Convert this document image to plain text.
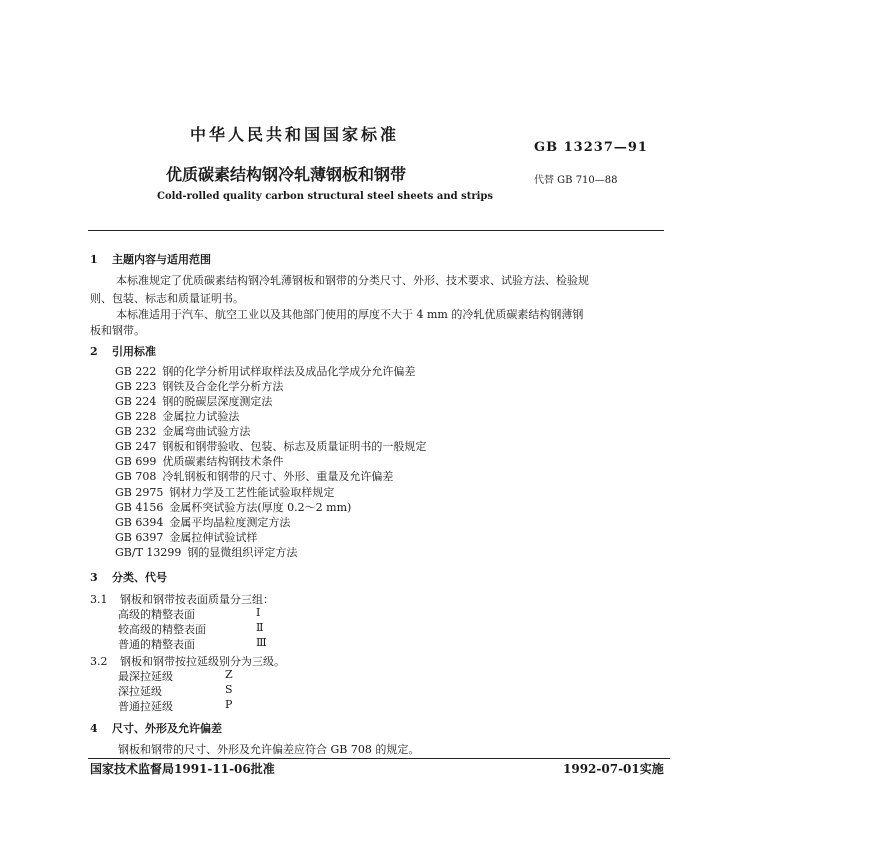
中华人民共和国国家标准
GB 13237—91
优质碳素结构钢冷轧薄钢板和钢带	代替 GB 710—88
Cold-rolled quality carbon structural steel sheets and strips
1 主题内容与适用范围
本标准规定了优质碳素结构钢冷轧薄钢板和钢带的分类尺寸、外形、技术要求、试验方法、检验规
则、包装、标志和质量证明书。
本标准适用于汽车、航空工业以及其他部门使用的厚度不大于 4 mm 的冷轧优质碳素结构钢薄钢
板和钢带。
2 引用标准
GB 222 钢的化学分析用试样取样法及成品化学成分允许偏差
GB 223 钢铁及合金化学分析方法
GB 224 钢的脱碳层深度测定法
GB 228 金属拉力试验法
GB 232 金属弯曲试验方法
GB 247 钢板和钢带验收、包装、标志及质量证明书的一般规定
GB 699 优质碳素结构钢技术条件
GB 708 冷轧钢板和钢带的尺寸、外形、重量及允许偏差
GB 2975 钢材力学及工艺性能试验取样规定
GB 4156 金属杯突试验方法(厚度 0.2～2 mm)
GB 6394 金属平均晶粒度测定方法
GB 6397 金属拉伸试验试样
GB/T 13299 钢的显微组织评定方法
3 分类、代号
3.1 钢板和钢带按表面质量分三组：
高级的精整表面	Ⅰ
较高级的精整表面	Ⅱ
普通的精整表面	Ⅲ
3.2 钢板和钢带按拉延级别分为三级。
最深拉延级	Z
深拉延级	S
普通拉延级	P
4 尺寸、外形及允许偏差
钢板和钢带的尺寸、外形及允许偏差应符合 GB 708 的规定。
国家技术监督局1991-11-06批准	1992-07-01实施
